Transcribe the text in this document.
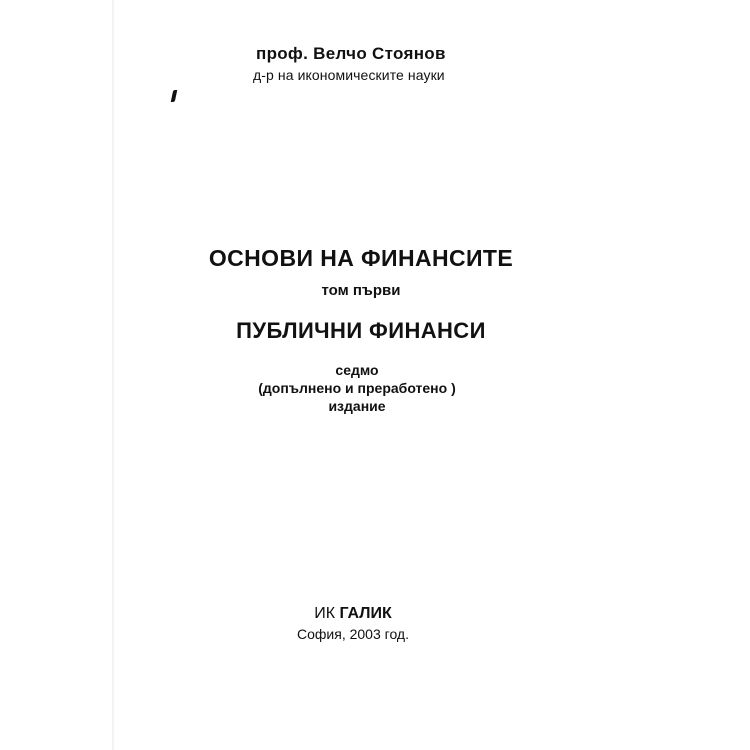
проф. Велчо Стоянов
д-р на икономическите науки
ОСНОВИ НА ФИНАНСИТЕ
том първи
ПУБЛИЧНИ ФИНАНСИ
седмо
(допълнено и преработено )
издание
ИК ГАЛИК
София, 2003 год.
